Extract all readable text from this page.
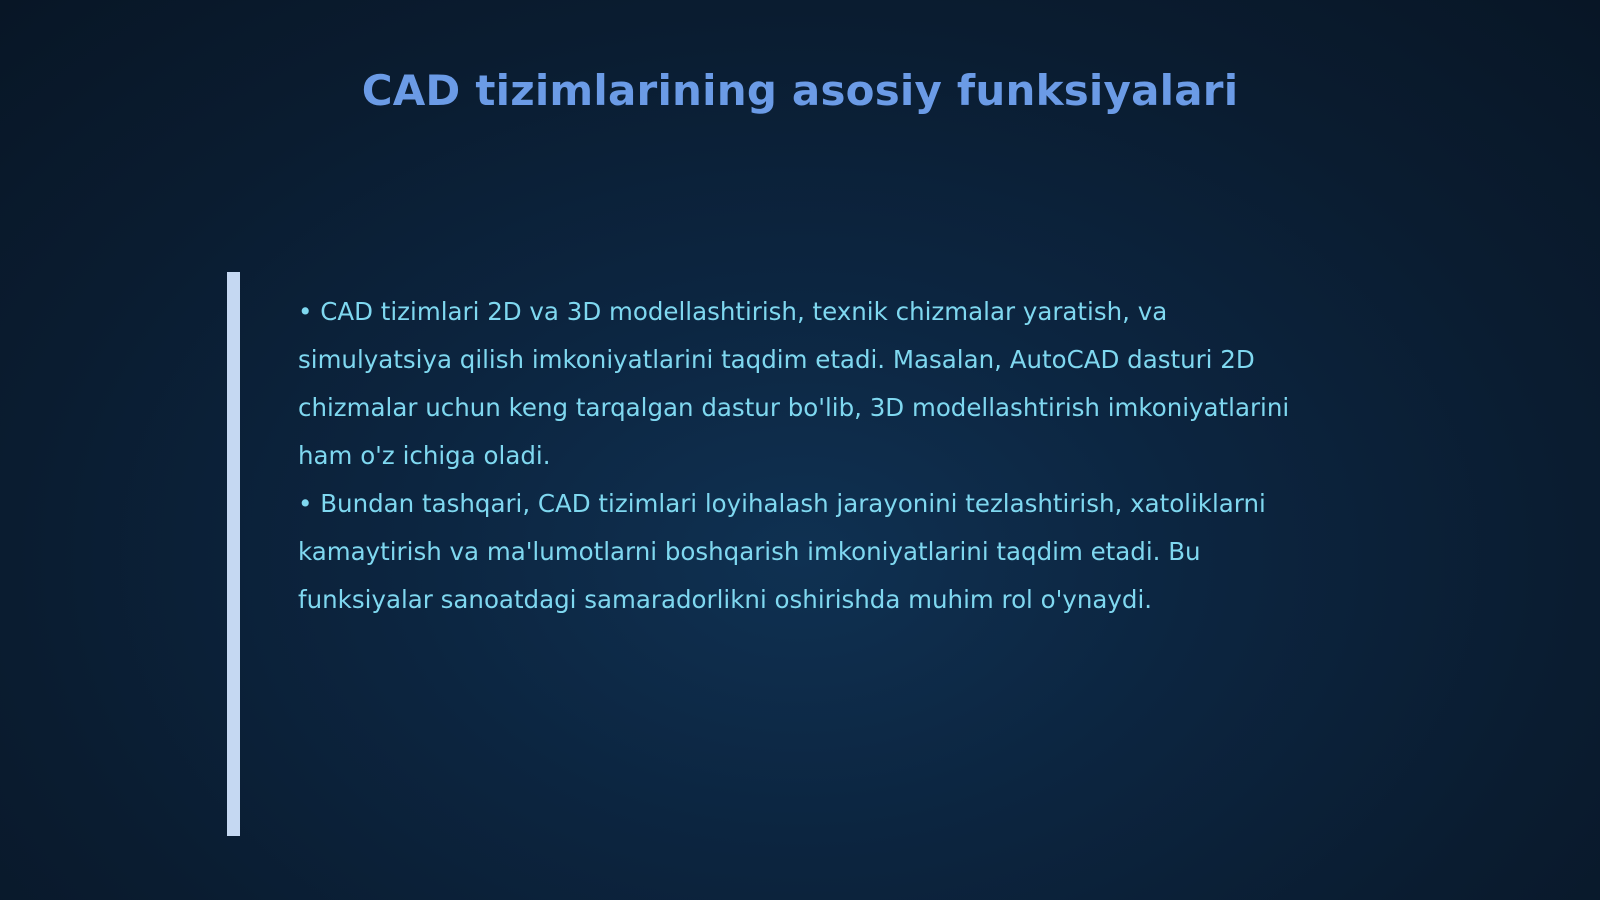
CAD tizimlarining asosiy funksiyalari

• CAD tizimlari 2D va 3D modellashtirish, texnik chizmalar yaratish, va simulyatsiya qilish imkoniyatlarini taqdim etadi. Masalan, AutoCAD dasturi 2D chizmalar uchun keng tarqalgan dastur bo'lib, 3D modellashtirish imkoniyatlarini ham o'z ichiga oladi.

• Bundan tashqari, CAD tizimlari loyihalash jarayonini tezlashtirish, xatoliklarni kamaytirish va ma'lumotlarni boshqarish imkoniyatlarini taqdim etadi. Bu funksiyalar sanoatdagi samaradorlikni oshirishda muhim rol o'ynaydi.
